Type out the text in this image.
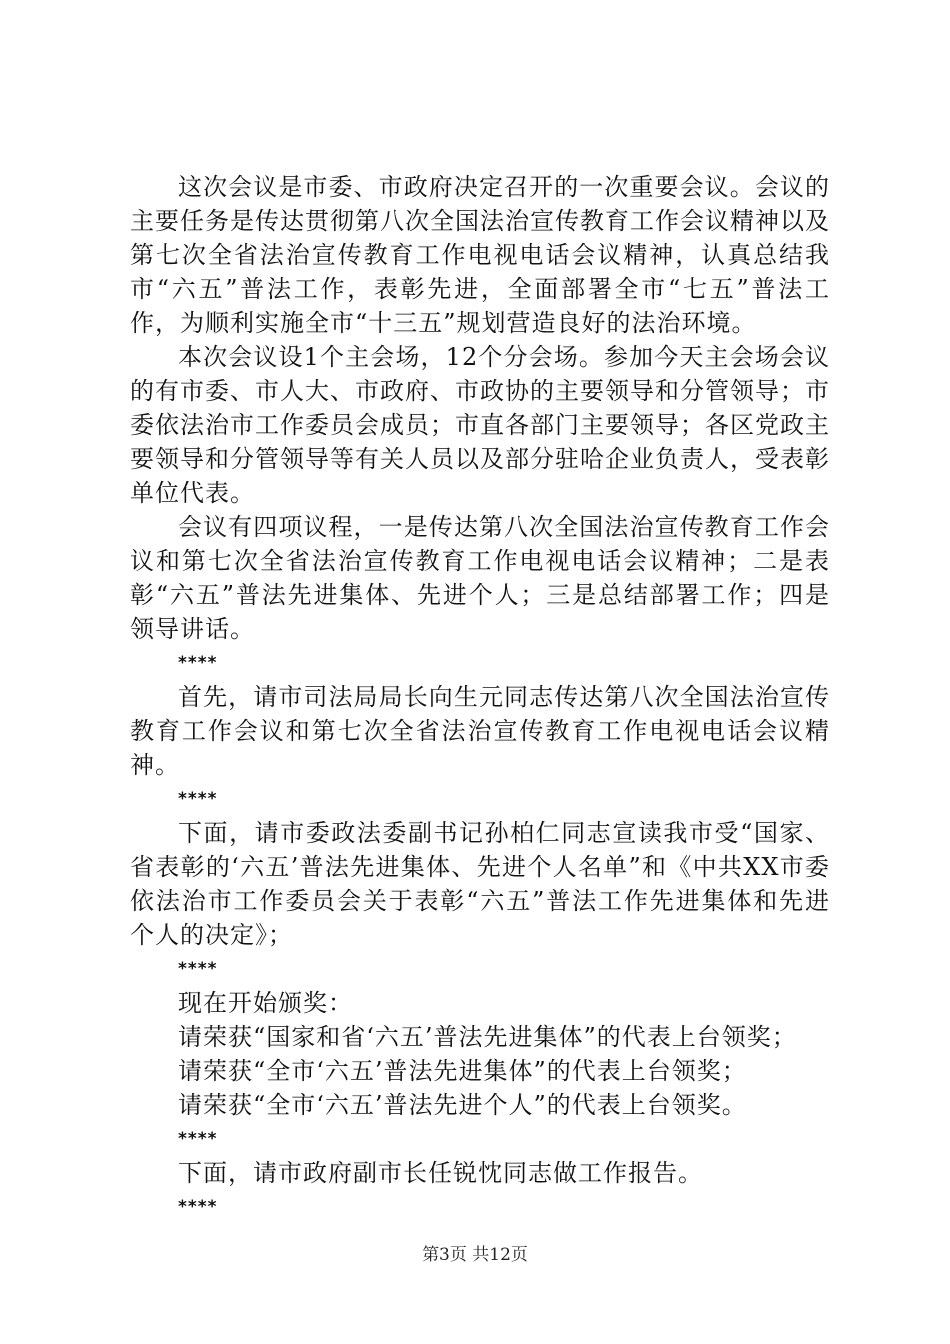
这次会议是市委、市政府决定召开的一次重要会议。会议的主要任务是传达贯彻第八次全国法治宣传教育工作会议精神以及第七次全省法治宣传教育工作电视电话会议精神，认真总结我市“六五”普法工作，表彰先进，全面部署全市“七五”普法工作，为顺利实施全市“十三五”规划营造良好的法治环境。

本次会议设1个主会场，12个分会场。参加今天主会场会议的有市委、市人大、市政府、市政协的主要领导和分管领导；市委依法治市工作委员会成员；市直各部门主要领导；各区党政主要领导和分管领导等有关人员以及部分驻哈企业负责人，受表彰单位代表。

会议有四项议程，一是传达第八次全国法治宣传教育工作会议和第七次全省法治宣传教育工作电视电话会议精神；二是表彰“六五”普法先进集体、先进个人；三是总结部署工作；四是领导讲话。

****

首先，请市司法局局长向生元同志传达第八次全国法治宣传教育工作会议和第七次全省法治宣传教育工作电视电话会议精神。

****

下面，请市委政法委副书记孙柏仁同志宣读我市受“国家、省表彰的‘六五’普法先进集体、先进个人名单”和《中共XX市委依法治市工作委员会关于表彰“六五”普法工作先进集体和先进个人的决定》；

****

现在开始颁奖：

请荣获“国家和省‘六五’普法先进集体”的代表上台领奖；

请荣获“全市‘六五’普法先进集体”的代表上台领奖；

请荣获“全市‘六五’普法先进个人”的代表上台领奖。

****

下面，请市政府副市长任锐忱同志做工作报告。

****

第3页 共12页
